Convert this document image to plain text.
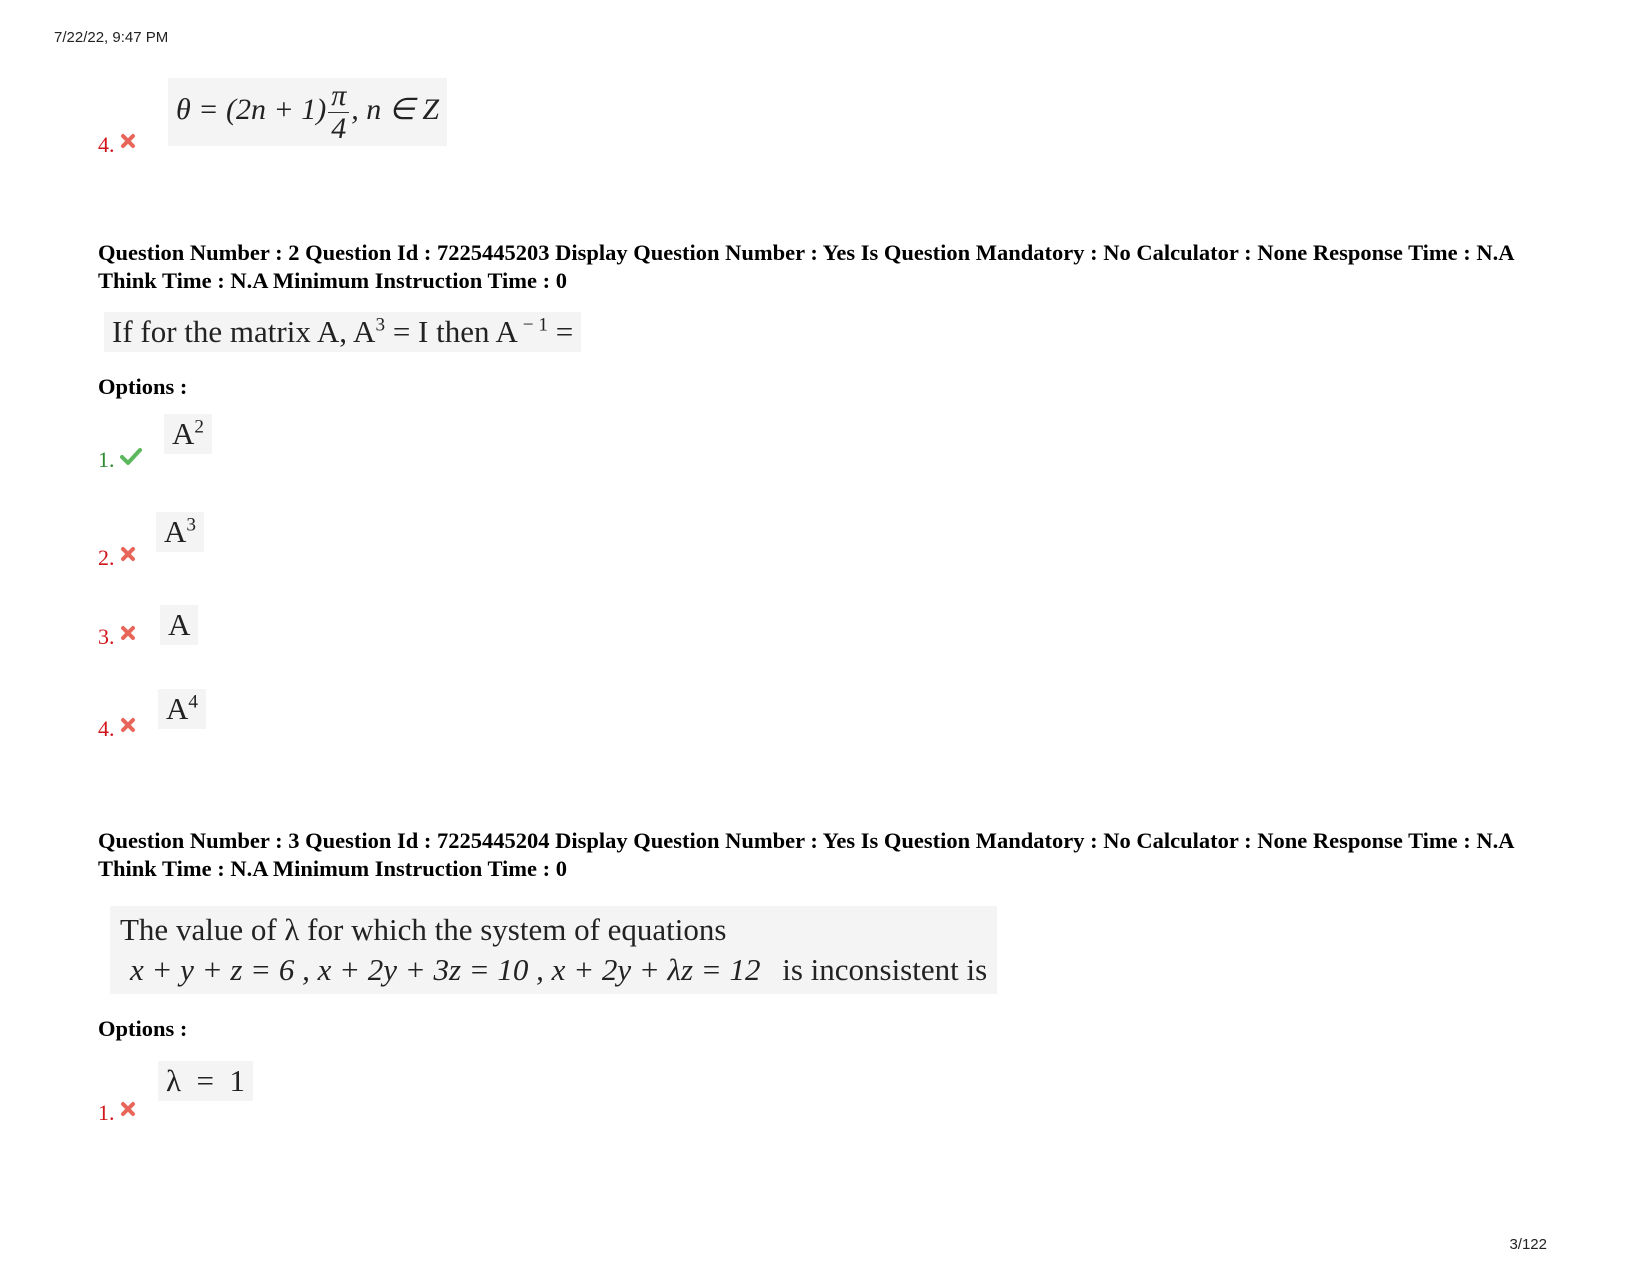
7/22/22, 9:47 PM
3/122
4.
$\theta = (2n + 1) \frac{\pi}{4}$ , n ∈ Z
Question Number : 2 Question Id : 7225445203 Display Question Number : Yes Is Question Mandatory : No Calculator : None Response Time : N.A Think Time : N.A Minimum Instruction Time : 0
If for the matrix A, $A^3 = I$ then A $^{- 1}$ =
Options :
1.
$A^2$
2.
$A^3$
3.	A
4.
$A^4$
Question Number : 3 Question Id : 7225445204 Display Question Number : Yes Is Question Mandatory : No Calculator : None Response Time : N.A Think Time : N.A Minimum Instruction Time : 0
The value of λ for which the system of equations
x + y + z = 6 , x + 2y + 3z = 10 , x + 2y + λz = 12 is inconsistent is
Options :
1.
λ  =  1
